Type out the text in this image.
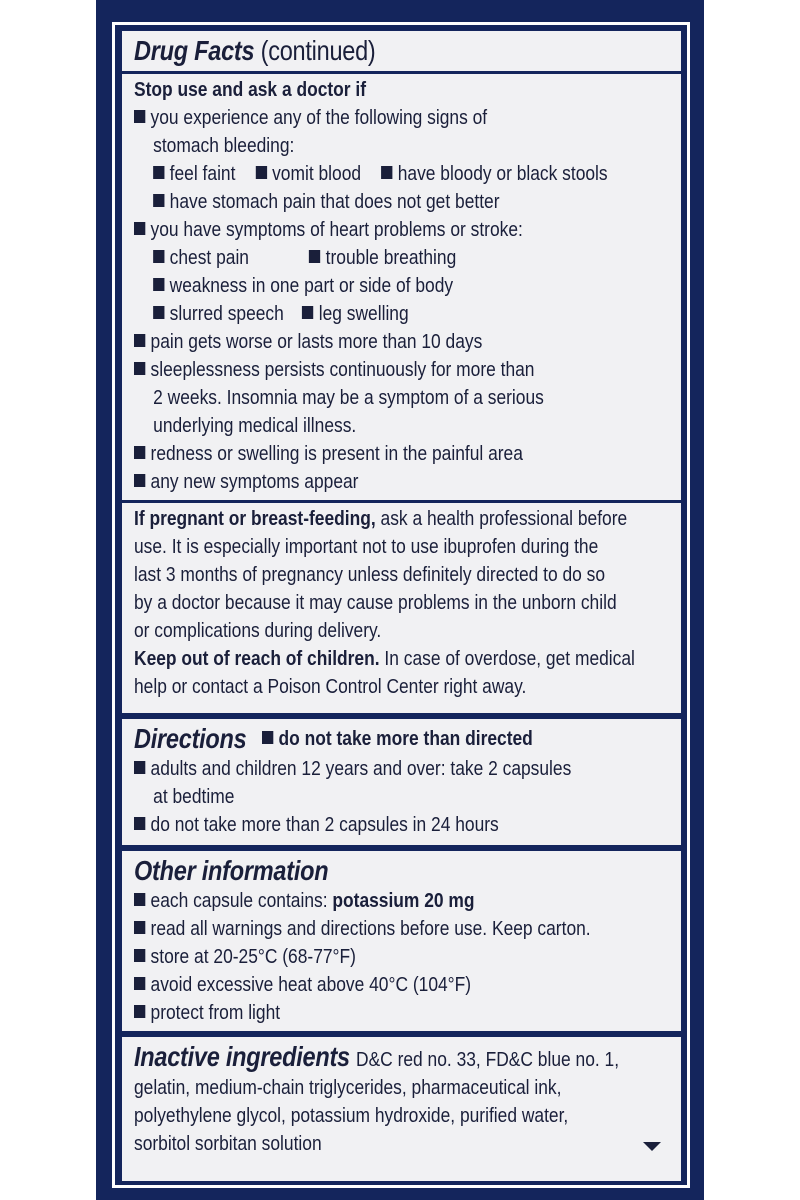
Drug Facts (continued)
Stop use and ask a doctor if
you experience any of the following signs of
stomach bleeding:
feel faint vomit blood have bloody or black stools
have stomach pain that does not get better
you have symptoms of heart problems or stroke:
chest pain	trouble breathing
weakness in one part or side of body
slurred speech leg swelling
pain gets worse or lasts more than 10 days
sleeplessness persists continuously for more than
2 weeks. Insomnia may be a symptom of a serious
underlying medical illness.
redness or swelling is present in the painful area
any new symptoms appear
If pregnant or breast-feeding, ask a health professional before
use. It is especially important not to use ibuprofen during the
last 3 months of pregnancy unless definitely directed to do so
by a doctor because it may cause problems in the unborn child
or complications during delivery.
Keep out of reach of children. In case of overdose, get medical
help or contact a Poison Control Center right away.
Directions	do not take more than directed
adults and children 12 years and over: take 2 capsules
at bedtime
do not take more than 2 capsules in 24 hours
Other information
each capsule contains: potassium 20 mg
read all warnings and directions before use. Keep carton.
store at 20-25°C (68-77°F)
avoid excessive heat above 40°C (104°F)
protect from light
Inactive ingredients D&C red no. 33, FD&C blue no. 1,
gelatin, medium-chain triglycerides, pharmaceutical ink,
polyethylene glycol, potassium hydroxide, purified water,
sorbitol sorbitan solution
